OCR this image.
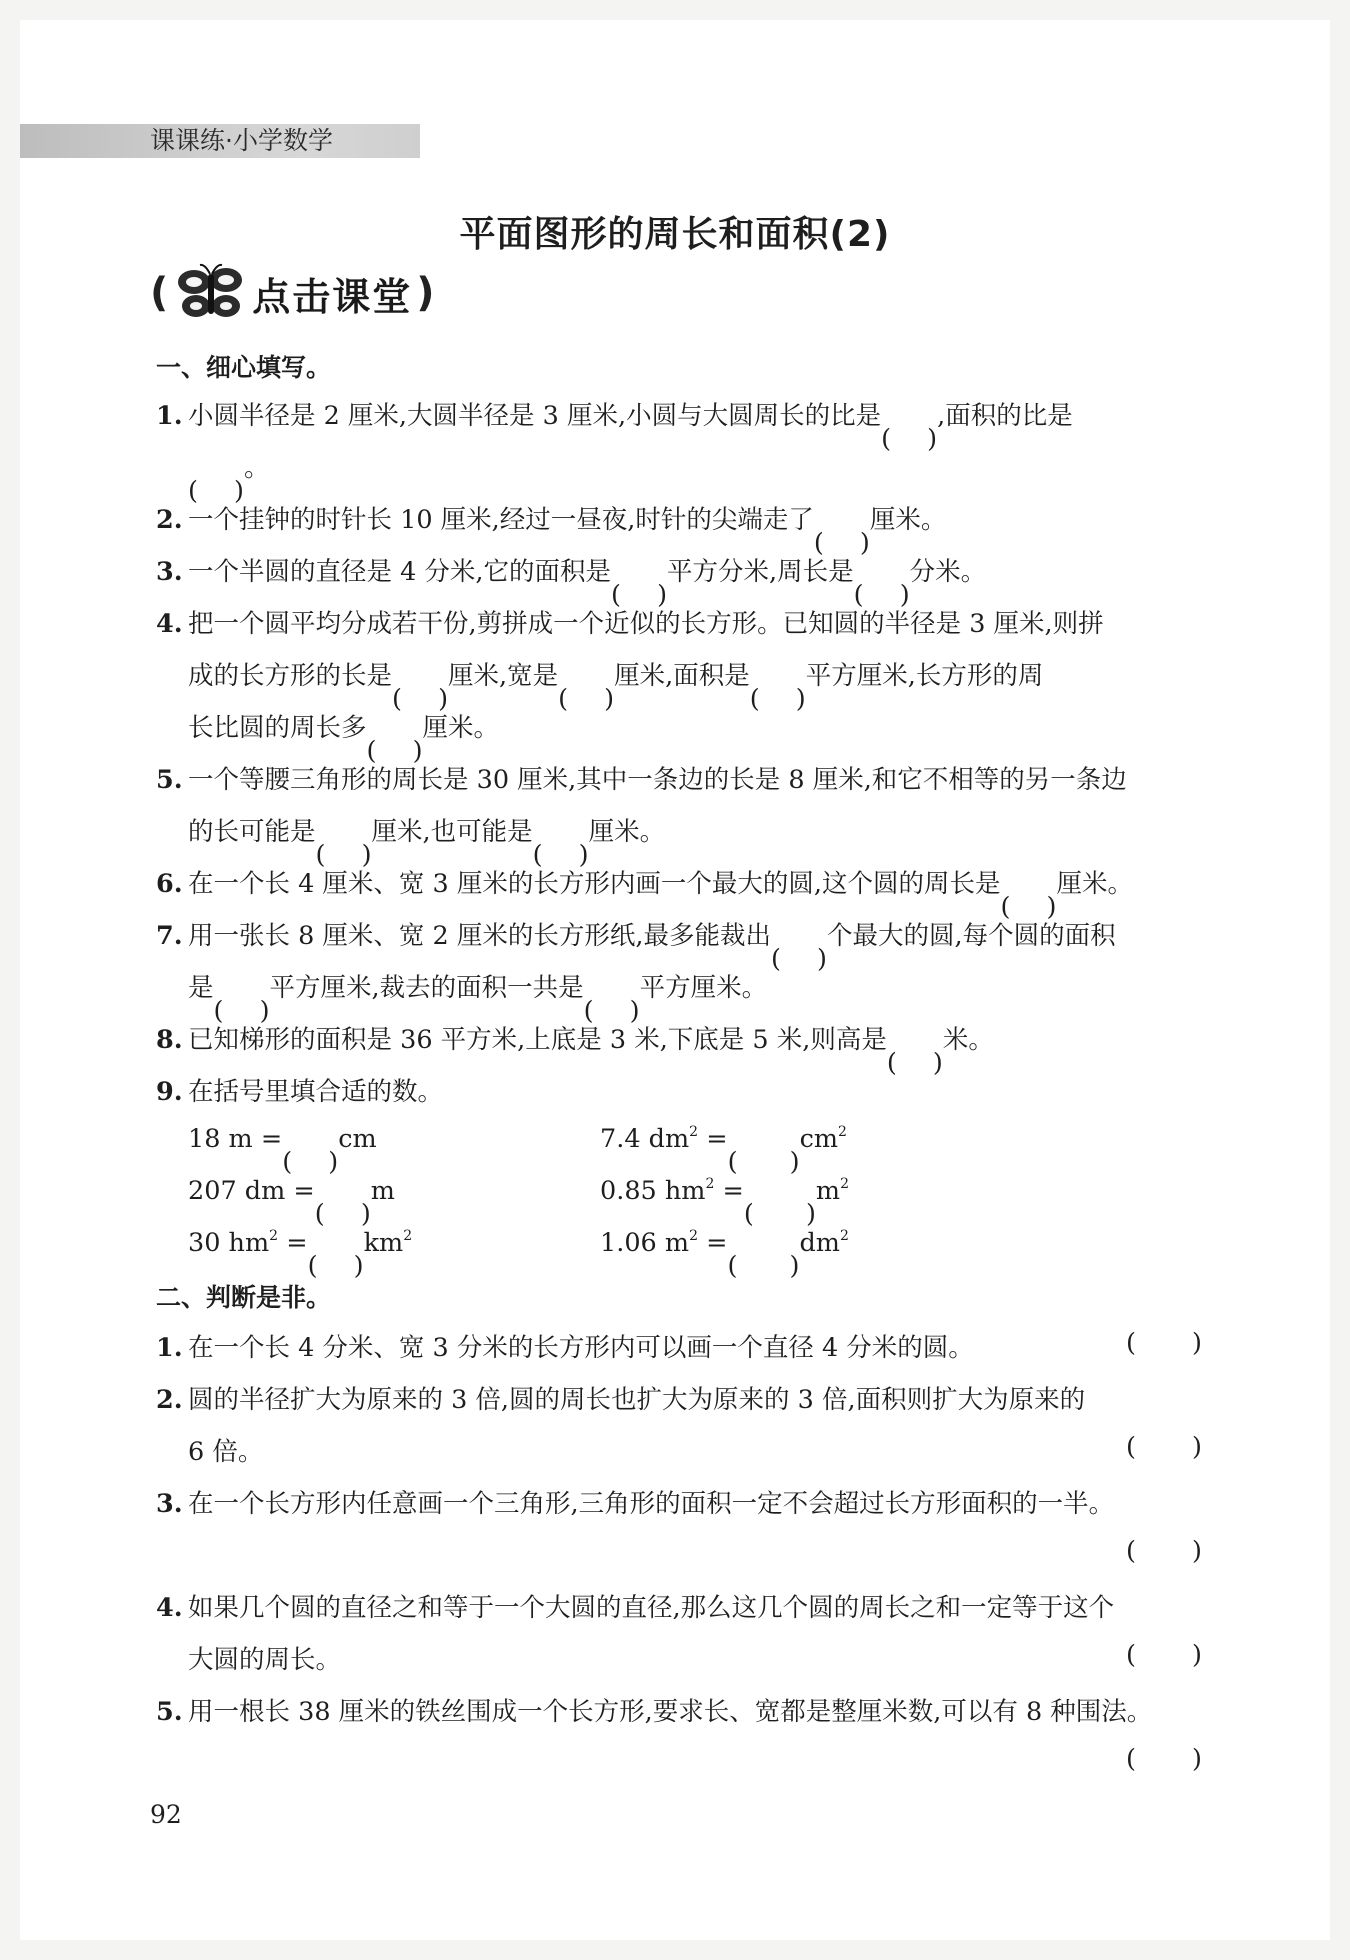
课课练·小学数学
平面图形的周长和面积(2)
( 点击课堂 )
一、细心填写。
1. 小圆半径是 2 厘米,大圆半径是 3 厘米,小圆与大圆周长的比是 ,面积的比是
。
2. 一个挂钟的时针长 10 厘米,经过一昼夜,时针的尖端走了 厘米。
3. 一个半圆的直径是 4 分米,它的面积是 平方分米,周长是 分米。
4. 把一个圆平均分成若干份,剪拼成一个近似的长方形。已知圆的半径是 3 厘米,则拼
成的长方形的长是 厘米,宽是 厘米,面积是 平方厘米,长方形的周
长比圆的周长多 厘米。
5. 一个等腰三角形的周长是 30 厘米,其中一条边的长是 8 厘米,和它不相等的另一条边
的长可能是 厘米,也可能是 厘米。
6. 在一个长 4 厘米、宽 3 厘米的长方形内画一个最大的圆,这个圆的周长是 厘米。
7. 用一张长 8 厘米、宽 2 厘米的长方形纸,最多能裁出 个最大的圆,每个圆的面积
是 平方厘米,裁去的面积一共是 平方厘米。
8. 已知梯形的面积是 36 平方米,上底是 3 米,下底是 5 米,则高是 米。
9. 在括号里填合适的数。
18 m = cm	7.4 $dm^2$ =	$cm^2$
207 dm = m	0.85 $hm^2$ =	$m^2$
30 $hm^2 = km^2$	1.06 $m^2$ =	$dm^2$
二、判断是非。
1. 在一个长 4 分米、宽 3 分米的长方形内可以画一个直径 4 分米的圆。	( )
2. 圆的半径扩大为原来的 3 倍,圆的周长也扩大为原来的 3 倍,面积则扩大为原来的
6 倍。	( )
3. 在一个长方形内任意画一个三角形,三角形的面积一定不会超过长方形面积的一半。
( )
4. 如果几个圆的直径之和等于一个大圆的直径,那么这几个圆的周长之和一定等于这个
大圆的周长。	( )
5. 用一根长 38 厘米的铁丝围成一个长方形,要求长、宽都是整厘米数,可以有 8 种围法。
( )
92
